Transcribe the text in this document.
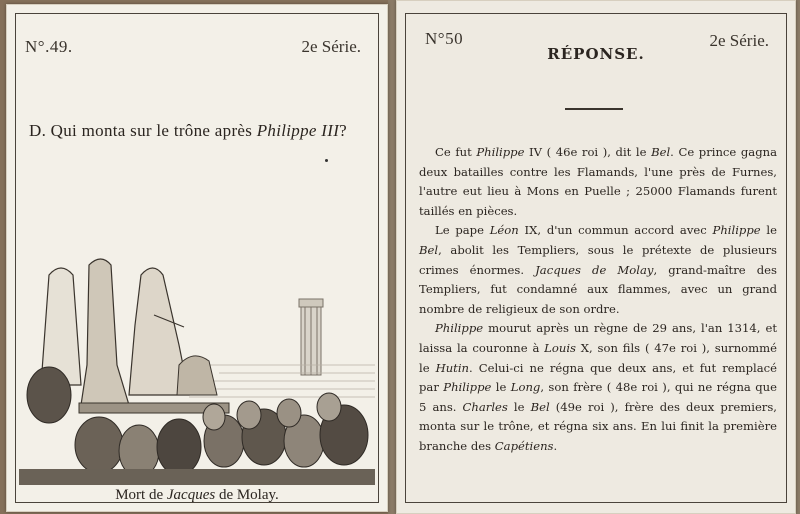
N°.49.	2e Série.
D. Qui monta sur le trône après Philippe III?
Mort de Jacques de Molay.
N°50
RÉPONSE.
2e Série.

Ce fut Philippe IV ( 46e roi ), dit le Bel. Ce prince gagna deux batailles contre les Flamands, l'une près de Furnes, l'autre eut lieu à Mons en Puelle ; 25000 Flamands furent taillés en pièces.

Le pape Léon IX, d'un commun accord avec Philippe le Bel, abolit les Templiers, sous le prétexte de plusieurs crimes énormes. Jacques de Molay, grand-maître des Templiers, fut condamné aux flammes, avec un grand nombre de religieux de son ordre.

Philippe mourut après un règne de 29 ans, l'an 1314, et laissa la couronne à Louis X, son fils ( 47e roi ), surnommé le Hutin. Celui-ci ne régna que deux ans, et fut remplacé par Philippe le Long, son frère ( 48e roi ), qui ne régna que 5 ans. Charles le Bel (49e roi ), frère des deux premiers, monta sur le trône, et régna six ans. En lui finit la première branche des Capétiens.
